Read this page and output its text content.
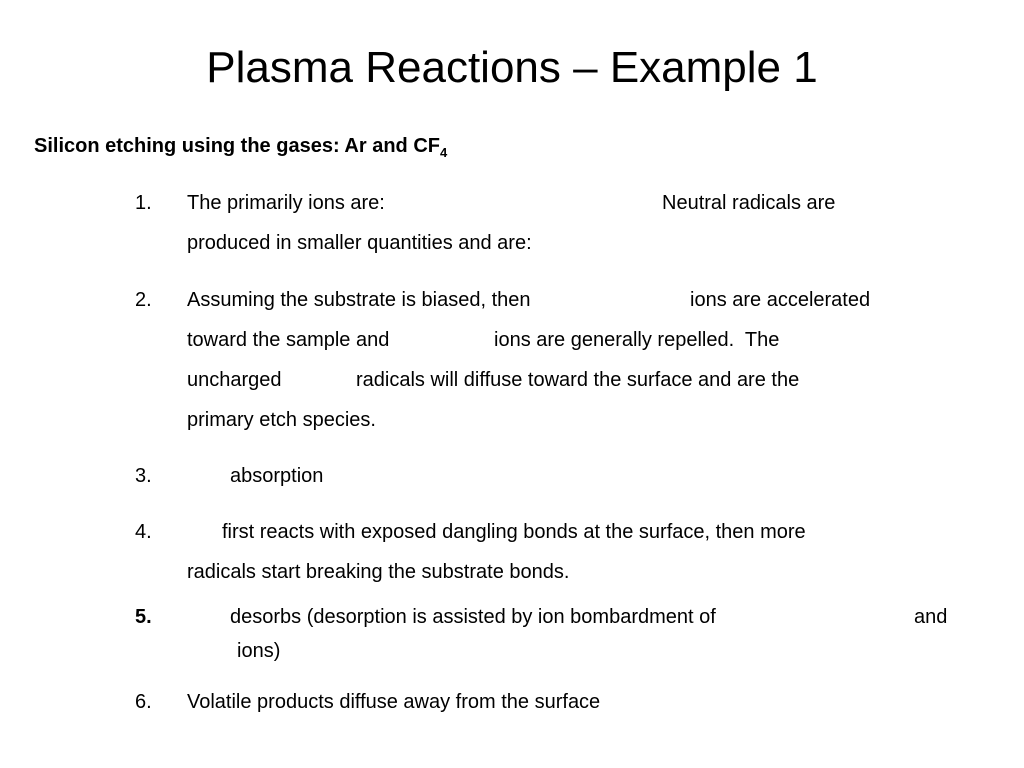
Plasma Reactions – Example 1
Silicon etching using the gases: Ar and $CF_4$
1. The primarily ions are:	Neutral radicals are
produced in smaller quantities and are:
2. Assuming the substrate is biased, then	ions are accelerated
toward the sample and	ions are generally repelled.  The
uncharged	radicals will diffuse toward the surface and are the
primary etch species.
3.	absorption
4.	first reacts with exposed dangling bonds at the surface, then more
radicals start breaking the substrate bonds.
5.	desorbs (desorption is assisted by ion bombardment of	and
ions)
6. Volatile products diffuse away from the surface
